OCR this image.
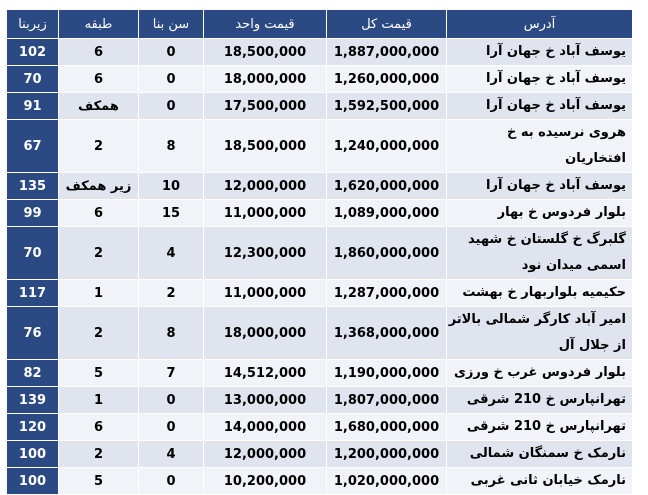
آدرس	قیمت کل	قیمت واحد	سن بنا	طبقه	زیربنا
یوسف آباد خ جهان آرا	1,887,000,000	18,500,000	0	6	102
یوسف آباد خ جهان آرا	1,260,000,000	18,000,000	0	6	70
یوسف آباد خ جهان آرا	1,592,500,000	17,500,000	0	همکف	91
هروی نرسیده به خ افتخاریان	1,240,000,000	18,500,000	8	2	67
یوسف آباد خ جهان آرا	1,620,000,000	12,000,000	10	زیر همکف	135
بلوار فردوس خ بهار	1,089,000,000	11,000,000	15	6	99
گلبرگ خ گلستان خ شهید اسمی میدان نود	1,860,000,000	12,300,000	4	2	70
حکیمیه بلواربهار خ بهشت	1,287,000,000	11,000,000	2	1	117
امیر آباد کارگر شمالی بالاتر از جلال آل	1,368,000,000	18,000,000	8	2	76
بلوار فردوس غرب خ ورزی	1,190,000,000	14,512,000	7	5	82
تهرانپارس خ 210 شرقی	1,807,000,000	13,000,000	0	1	139
تهرانپارس خ 210 شرقی	1,680,000,000	14,000,000	0	6	120
نارمک خ سمنگان شمالی	1,200,000,000	12,000,000	4	2	100
نارمک خیابان ثانی غربی	1,020,000,000	10,200,000	0	5	100
